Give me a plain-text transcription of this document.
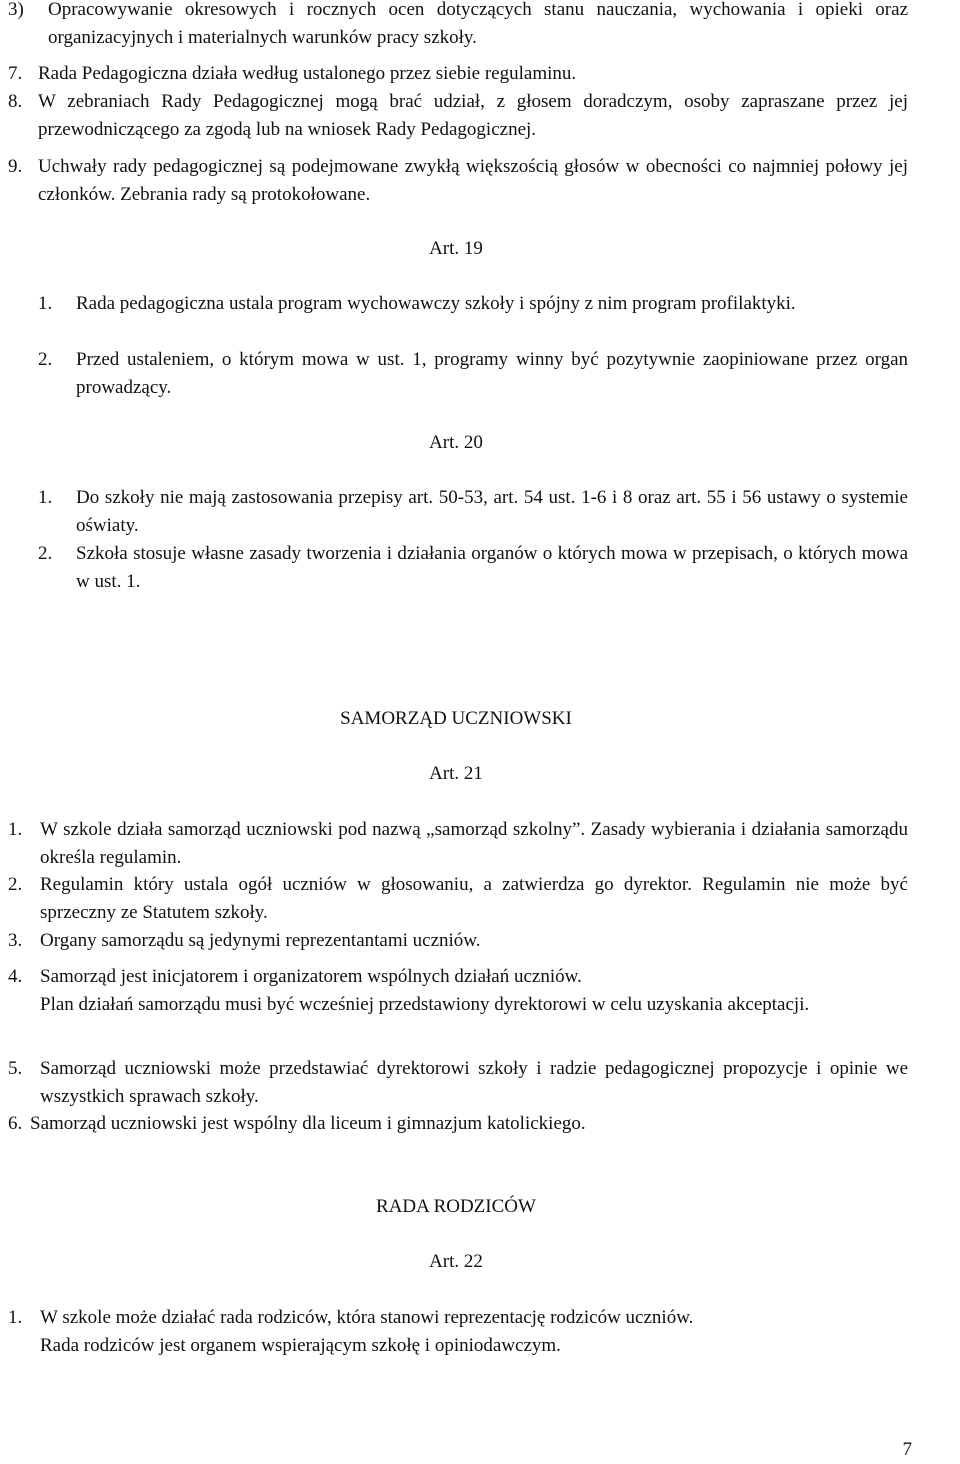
3) Opracowywanie okresowych i rocznych ocen dotyczących stanu nauczania, wychowania i opieki oraz organizacyjnych i materialnych warunków pracy szkoły.
7. Rada Pedagogiczna działa według ustalonego przez siebie regulaminu.
8. W zebraniach Rady Pedagogicznej mogą brać udział, z głosem doradczym, osoby zapraszane przez jej przewodniczącego za zgodą lub na wniosek Rady Pedagogicznej.
9. Uchwały rady pedagogicznej są podejmowane zwykłą większością głosów w obecności co najmniej połowy jej członków. Zebrania rady są protokołowane.
Art. 19
1. Rada pedagogiczna ustala program wychowawczy szkoły i spójny z nim program profilaktyki.
2. Przed ustaleniem, o którym mowa w ust. 1, programy winny być pozytywnie zaopiniowane przez organ prowadzący.
Art. 20
1. Do szkoły nie mają zastosowania przepisy art. 50-53, art. 54 ust. 1-6 i 8 oraz art. 55 i 56 ustawy o systemie oświaty.
2. Szkoła stosuje własne zasady tworzenia i działania organów o których mowa w przepisach, o których mowa w ust. 1.
SAMORZĄD UCZNIOWSKI
Art. 21
1. W szkole działa samorząd uczniowski pod nazwą „samorząd szkolny”. Zasady wybierania i działania samorządu określa regulamin.
2. Regulamin który ustala ogół uczniów w głosowaniu, a zatwierdza go dyrektor. Regulamin nie może być sprzeczny ze Statutem szkoły.
3. Organy samorządu są jedynymi reprezentantami uczniów.
4. Samorząd jest inicjatorem i organizatorem wspólnych działań uczniów.
Plan działań samorządu musi być wcześniej przedstawiony dyrektorowi w celu uzyskania akceptacji.
5. Samorząd uczniowski może przedstawiać dyrektorowi szkoły i radzie pedagogicznej propozycje i opinie we wszystkich sprawach szkoły.
6. Samorząd uczniowski jest wspólny dla liceum i gimnazjum katolickiego.
RADA RODZICÓW
Art. 22
1. W szkole może działać rada rodziców, która stanowi reprezentację rodziców uczniów.
Rada rodziców jest organem wspierającym szkołę i opiniodawczym.
7
